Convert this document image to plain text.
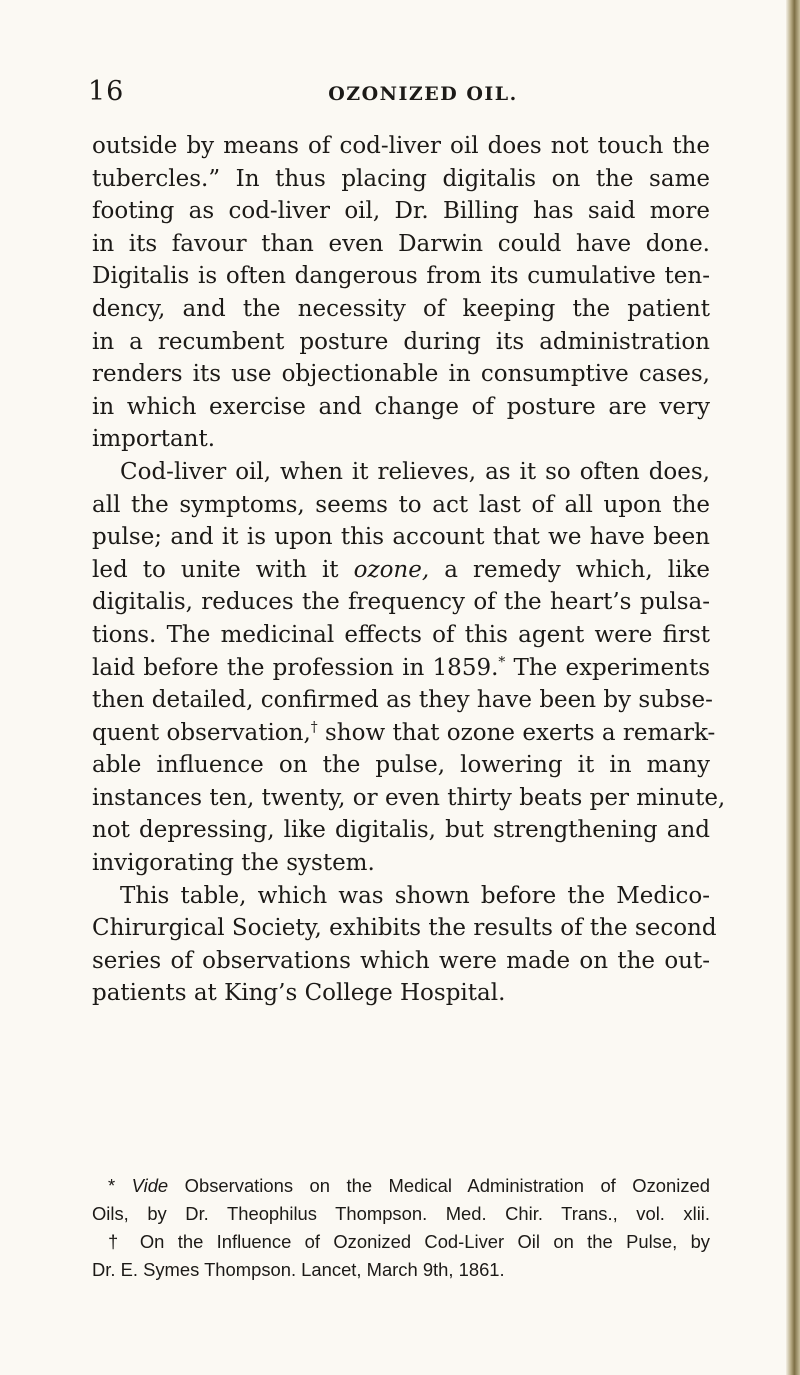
16	OZONIZED OIL.

outside by means of cod-liver oil does not touch the
tubercles.” In thus placing digitalis on the same
footing as cod-liver oil, Dr. Billing has said more
in its favour than even Darwin could have done.
Digitalis is often dangerous from its cumulative ten-
dency, and the necessity of keeping the patient
in a recumbent posture during its administration
renders its use objectionable in consumptive cases,
in which exercise and change of posture are very
important.

Cod-liver oil, when it relieves, as it so often does,
all the symptoms, seems to act last of all upon the
pulse; and it is upon this account that we have been
led to unite with it ozone, a remedy which, like
digitalis, reduces the frequency of the heart’s pulsa-
tions. The medicinal effects of this agent were first
laid before the profession in 1859.* The experiments
then detailed, confirmed as they have been by subse-
quent observation,† show that ozone exerts a remark-
able influence on the pulse, lowering it in many
instances ten, twenty, or even thirty beats per minute,
not depressing, like digitalis, but strengthening and
invigorating the system.

This table, which was shown before the Medico-
Chirurgical Society, exhibits the results of the second
series of observations which were made on the out-
patients at King’s College Hospital.

* Vide Observations on the Medical Administration of Ozonized
Oils, by Dr. Theophilus Thompson. Med. Chir. Trans., vol. xlii.
† On the Influence of Ozonized Cod-Liver Oil on the Pulse, by
Dr. E. Symes Thompson. Lancet, March 9th, 1861.
